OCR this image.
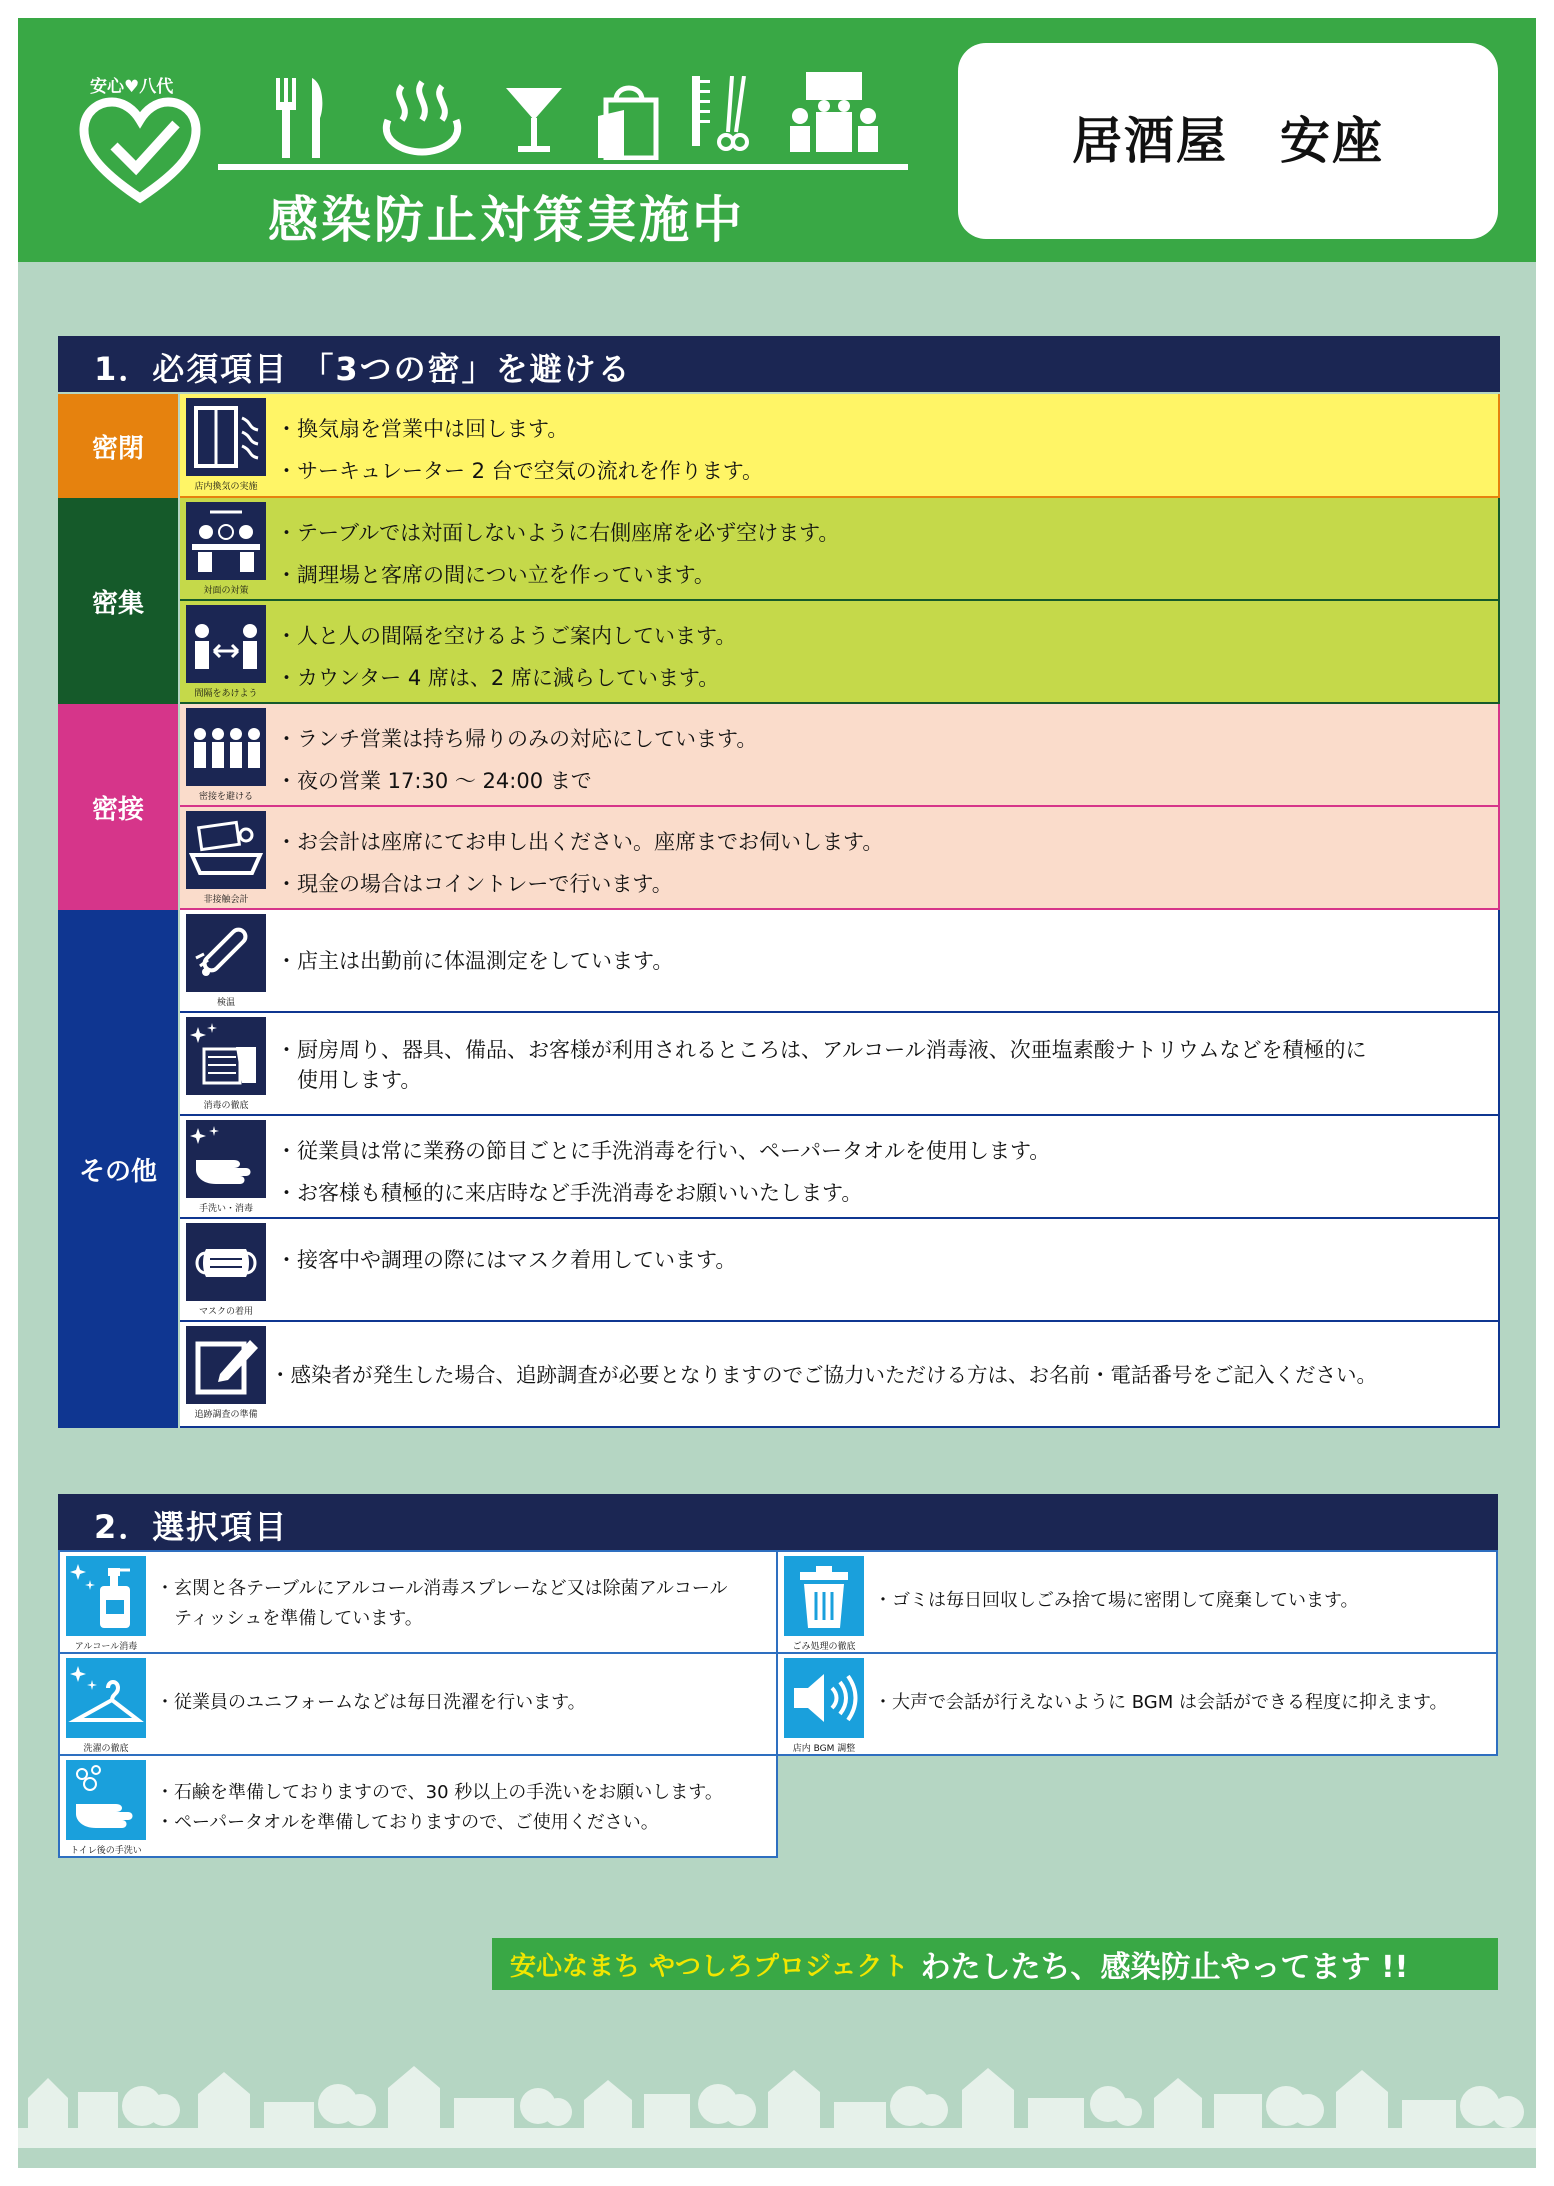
安心♥八代
感染防止対策実施中
居酒屋　安座
1．必須項目 「3つの密」を避ける
密閉
密集
密接
その他
店内換気の実施
・換気扇を営業中は回します。
・サーキュレーター 2 台で空気の流れを作ります。
対面の対策
・テーブルでは対面しないように右側座席を必ず空けます。
・調理場と客席の間につい立を作っています。
間隔をあけよう
・人と人の間隔を空けるようご案内しています。
・カウンター 4 席は、2 席に減らしています。
密接を避ける
・ランチ営業は持ち帰りのみの対応にしています。
・夜の営業 17:30 ～ 24:00 まで
非接触会計
・お会計は座席にてお申し出ください。座席までお伺いします。
・現金の場合はコイントレーで行います。
検温
・店主は出勤前に体温測定をしています。
消毒の徹底
・厨房周り、器具、備品、お客様が利用されるところは、アルコール消毒液、次亜塩素酸ナトリウムなどを積極的に
　使用します。
手洗い・消毒
・従業員は常に業務の節目ごとに手洗消毒を行い、ペーパータオルを使用します。
・お客様も積極的に来店時など手洗消毒をお願いいたします。
マスクの着用
・接客中や調理の際にはマスク着用しています。
追跡調査の準備
・感染者が発生した場合、追跡調査が必要となりますのでご協力いただける方は、お名前・電話番号をご記入ください。
2．選択項目
アルコール消毒
・玄関と各テーブルにアルコール消毒スプレーなど又は除菌アルコール
　ティッシュを準備しています。
ごみ処理の徹底
・ゴミは毎日回収しごみ捨て場に密閉して廃棄しています。
洗濯の徹底
・従業員のユニフォームなどは毎日洗濯を行います。
店内 BGM 調整
・大声で会話が行えないように BGM は会話ができる程度に抑えます。
トイレ後の手洗い
・石鹸を準備しておりますので、30 秒以上の手洗いをお願いします。
・ペーパータオルを準備しておりますので、ご使用ください。
安心なまち やつしろプロジェクト わたしたち、感染防止やってます !!
